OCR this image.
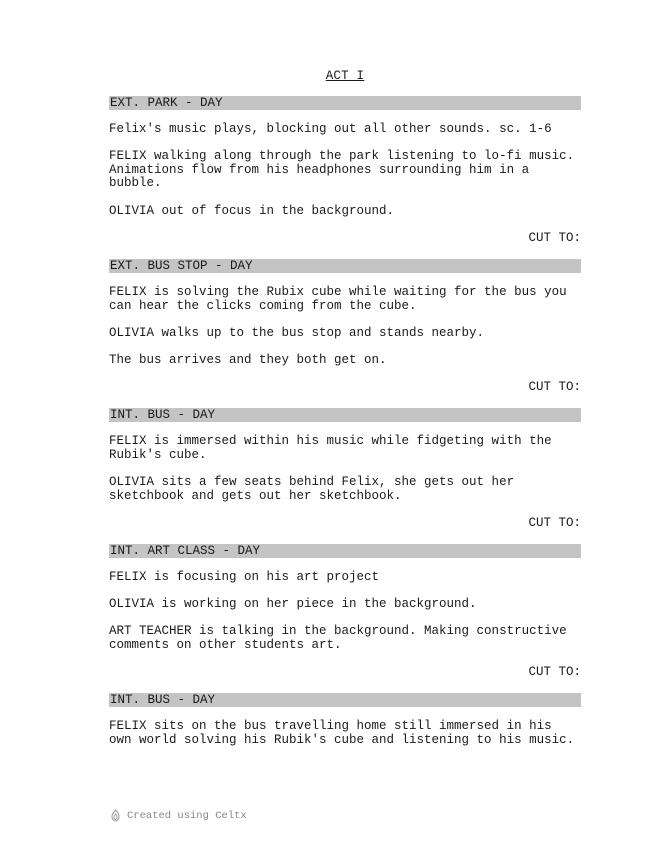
ACT I
EXT. PARK - DAY
Felix's music plays, blocking out all other sounds. sc. 1-6
FELIX walking along through the park listening to lo-fi music. Animations flow from his headphones surrounding him in a bubble.
OLIVIA out of focus in the background.
CUT TO:
EXT. BUS STOP - DAY
FELIX is solving the Rubix cube while waiting for the bus you can hear the clicks coming from the cube.
OLIVIA walks up to the bus stop and stands nearby.
The bus arrives and they both get on.
CUT TO:
INT. BUS - DAY
FELIX is immersed within his music while fidgeting with the Rubik's cube.
OLIVIA sits a few seats behind Felix, she gets out her sketchbook and gets out her sketchbook.
CUT TO:
INT. ART CLASS - DAY
FELIX is focusing on his art project
OLIVIA is working on her piece in the background.
ART TEACHER is talking in the background. Making constructive comments on other students art.
CUT TO:
INT. BUS - DAY
FELIX sits on the bus travelling home still immersed in his own world solving his Rubik's cube and listening to his music.
Created using Celtx
